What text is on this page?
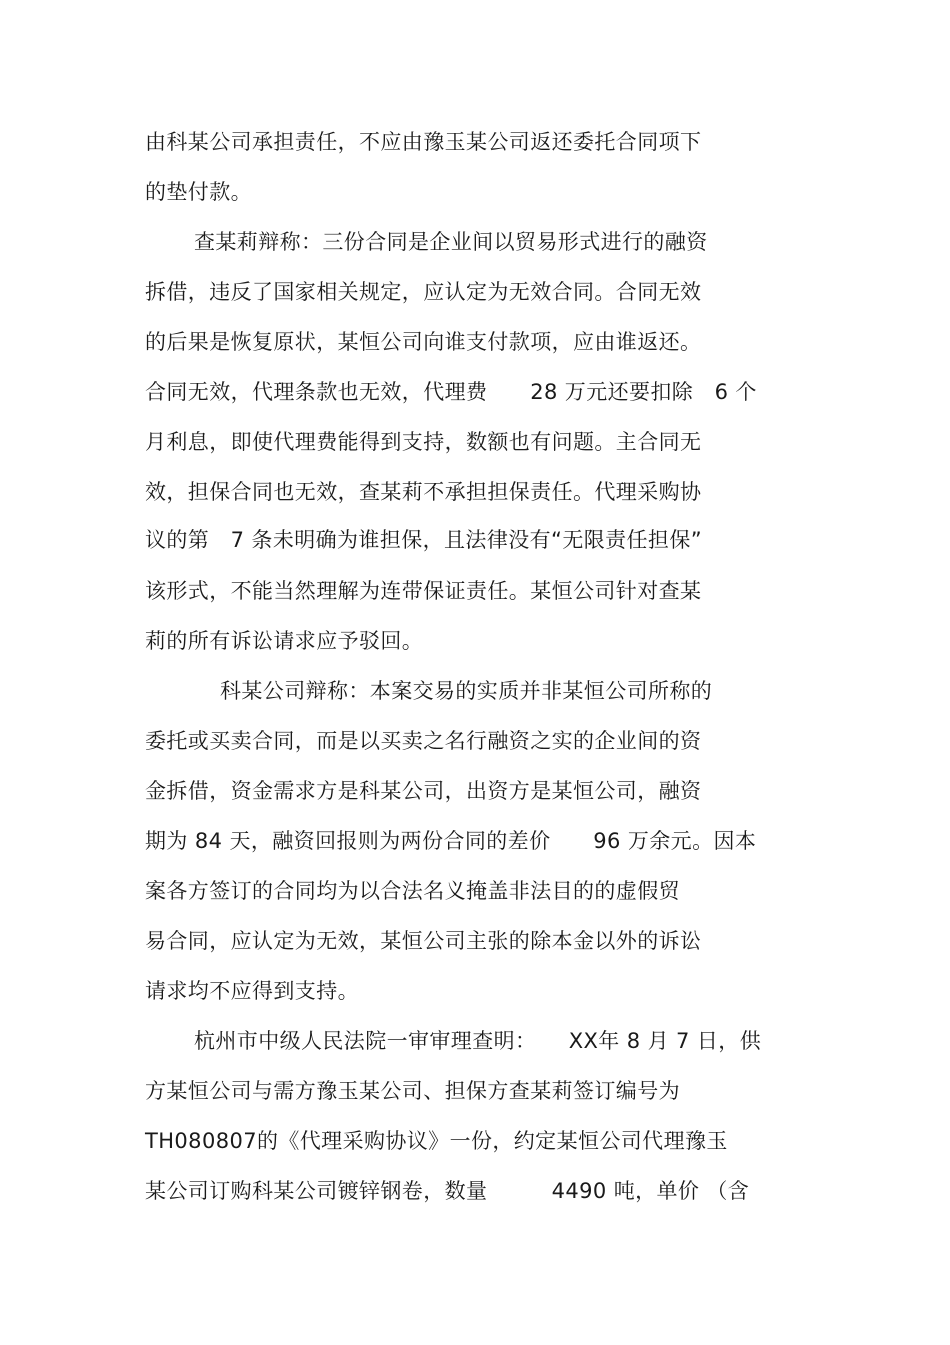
由科某公司承担责任，不应由豫玉某公司返还委托合同项下
的垫付款。
查某莉辩称：三份合同是企业间以贸易形式进行的融资
拆借，违反了国家相关规定，应认定为无效合同。合同无效
的后果是恢复原状，某恒公司向谁支付款项，应由谁返还。
合同无效，代理条款也无效，代理费　　28 万元还要扣除　6 个
月利息，即使代理费能得到支持，数额也有问题。主合同无
效，担保合同也无效，查某莉不承担担保责任。代理采购协
议的第　7 条未明确为谁担保，且法律没有“无限责任担保”
该形式，不能当然理解为连带保证责任。某恒公司针对查某
莉的所有诉讼请求应予驳回。
科某公司辩称：本案交易的实质并非某恒公司所称的
委托或买卖合同，而是以买卖之名行融资之实的企业间的资
金拆借，资金需求方是科某公司，出资方是某恒公司，融资
期为 84 天，融资回报则为两份合同的差价　　96 万余元。因本
案各方签订的合同均为以合法名义掩盖非法目的的虚假贸
易合同，应认定为无效，某恒公司主张的除本金以外的诉讼
请求均不应得到支持。
杭州市中级人民法院一审审理查明：　　XX年 8 月 7 日，供
方某恒公司与需方豫玉某公司、担保方查某莉签订编号为
TH080807的《代理采购协议》一份，约定某恒公司代理豫玉
某公司订购科某公司镀锌钢卷，数量　　　4490 吨，单价 （含
